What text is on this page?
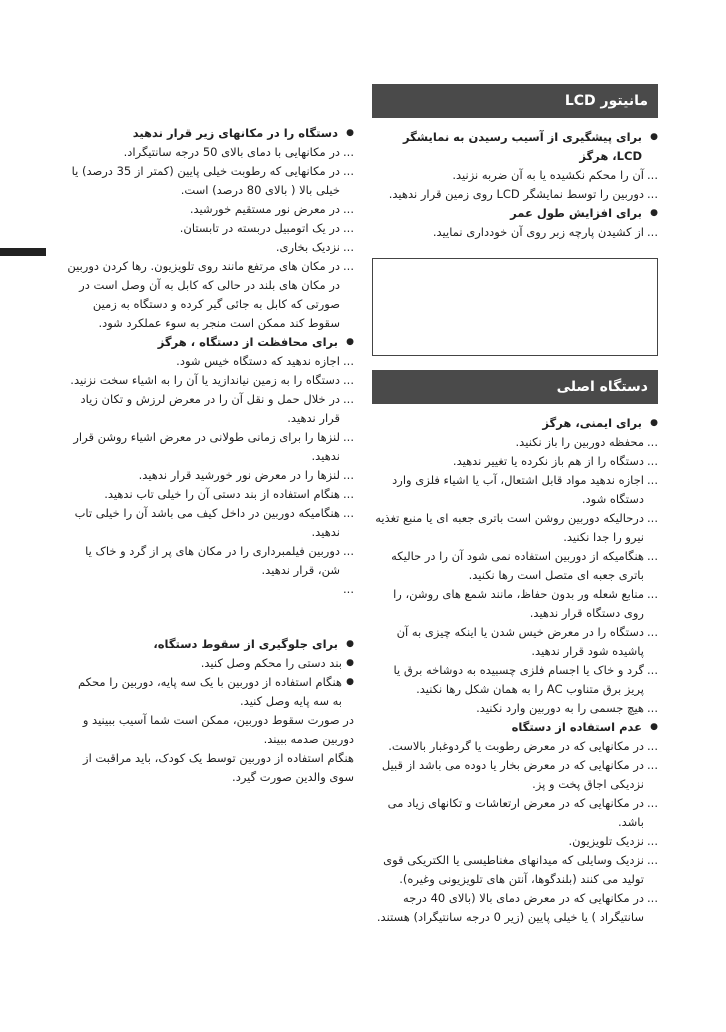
مانیتور LCD
● برای پیشگیری از آسیب رسیدن به نمایشگر LCD، هرگز
... آن را محکم نکشیده یا به آن ضربه نزنید.
... دوربین را توسط نمایشگر LCD روی زمین قرار ندهید.
● برای افزایش طول عمر
... از کشیدن پارچه زبر روی آن خودداری نمایید.
دستگاه اصلی
● برای ایمنی، هرگز
... محفظه دوربین را باز نکنید.
... دستگاه را از هم باز نکرده یا تغییر ندهید.
... اجازه ندهید مواد قابل اشتعال، آب یا اشیاء فلزی وارد دستگاه شود.
... درحالیکه دوربین روشن است باتری جعبه ای یا منبع تغذیه نیرو را جدا نکنید.
... هنگامیکه از دوربین استفاده نمی شود آن را در حالیکه باتری جعبه ای متصل است رها نکنید.
... منابع شعله ور بدون حفاظ، مانند شمع های روشن، را روی دستگاه قرار ندهید.
... دستگاه را در معرض خیس شدن یا اینکه چیزی به آن پاشیده شود قرار ندهید.
... گرد و خاک یا اجسام فلزی چسبیده به دوشاخه برق یا پریز برق متناوب AC را به همان شکل رها نکنید.
... هیچ جسمی را به دوربین وارد نکنید.
● عدم استفاده از دستگاه
... در مکانهایی که در معرض رطوبت یا گردوغبار بالاست.
... در مکانهایی که در معرض بخار یا دوده می باشد از قبیل نزدیکی اجاق پخت و پز.
... در مکانهایی که در معرض ارتعاشات و تکانهای زیاد می باشد.
... نزدیک تلویزیون.
... نزدیک وسایلی که میدانهای مغناطیسی یا الکتریکی قوی تولید می کنند (بلندگوها، آنتن های تلویزیونی وغیره).
... در مکانهایی که در معرض دمای بالا (بالای 40 درجه سانتیگراد ) یا خیلی پایین (زیر 0 درجه سانتیگراد) هستند.
● دستگاه را در مکانهای زیر قرار ندهید
... در مکانهایی با دمای بالای 50 درجه سانتیگراد.
... در مکانهایی که رطوبت خیلی پایین (کمتر از 35 درصد) یا خیلی بالا ( بالای 80 درصد) است.
... در معرض نور مستقیم خورشید.
... در یک اتومبیل دربسته در تابستان.
... نزدیک بخاری.
... در مکان های مرتفع مانند روی تلویزیون. رها کردن دوربین در مکان های بلند در حالی که کابل به آن وصل است در صورتی که کابل به جائی گیر کرده و دستگاه به زمین سقوط کند ممکن است منجر به سوء عملکرد شود.
● برای محافظت از دستگاه ، هرگز
... اجازه ندهید که دستگاه خیس شود.
... دستگاه را به زمین نیاندازید یا آن را به اشیاء سخت نزنید.
... در خلال حمل و نقل آن را در معرض لرزش و تکان زیاد قرار ندهید.
... لنزها را برای زمانی طولانی در معرض اشیاء روشن قرار ندهید.
... لنزها را در معرض نور خورشید قرار ندهید.
... هنگام استفاده از بند دستی آن را خیلی تاب ندهید.
... هنگامیکه دوربین در داخل کیف می باشد آن را خیلی تاب ندهید.
... دوربین فیلمبرداری را در مکان های پر از گرد و خاک یا شن، قرار ندهید.
...
● برای جلوگیری از سقوط دستگاه،
● بند دستی را محکم وصل کنید.
● هنگام استفاده از دوربین با یک سه پایه، دوربین را محکم به سه پایه وصل کنید.
در صورت سقوط دوربین، ممکن است شما آسیب ببینید و دوربین صدمه ببیند.
هنگام استفاده از دوربین توسط یک کودک، باید مراقبت از سوی والدین صورت گیرد.
